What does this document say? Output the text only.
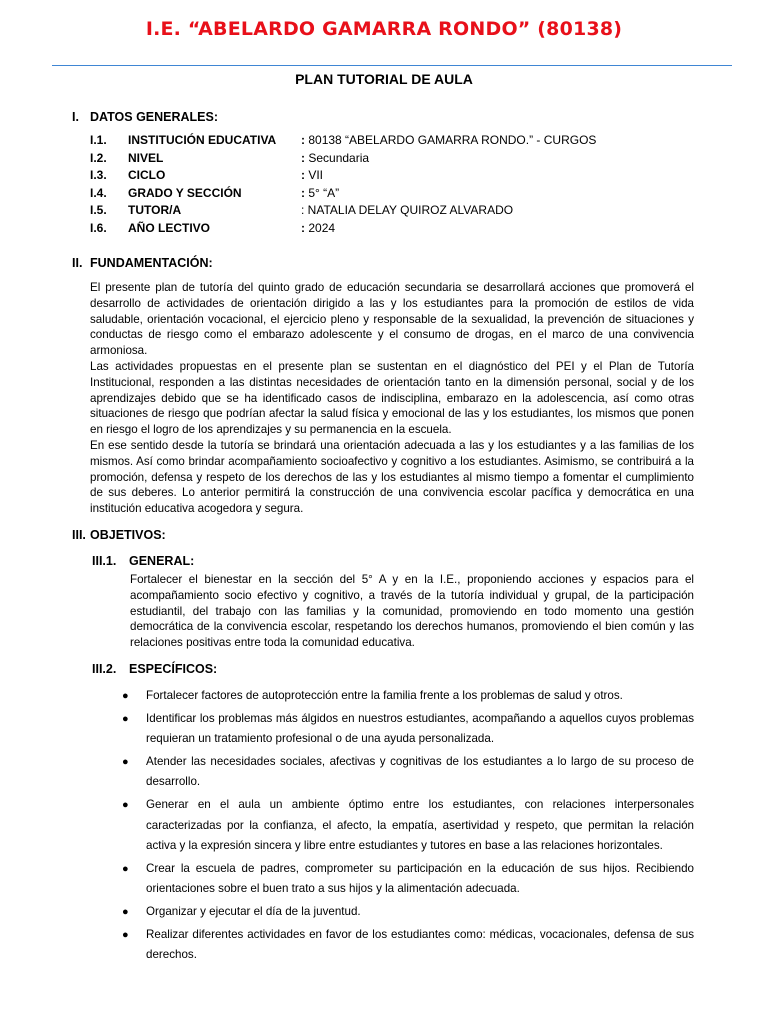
I.E. “ABELARDO GAMARRA RONDO” (80138)
PLAN TUTORIAL DE AULA
I. DATOS GENERALES:
I.1. INSTITUCIÓN EDUCATIVA : 80138 “ABELARDO GAMARRA RONDO.” - CURGOS
I.2. NIVEL	: Secundaria
I.3. CICLO	: VII
I.4. GRADO Y SECCIÓN	: 5° “A”
I.5. TUTOR/A	: NATALIA DELAY QUIROZ ALVARADO
I.6. AÑO LECTIVO	: 2024
II. FUNDAMENTACIÓN:

El presente plan de tutoría del quinto grado de educación secundaria se desarrollará acciones que promoverá el desarrollo de actividades de orientación dirigido a las y los estudiantes para la promoción de estilos de vida saludable, orientación vocacional, el ejercicio pleno y responsable de la sexualidad, la prevención de situaciones y conductas de riesgo como el embarazo adolescente y el consumo de drogas, en el marco de una convivencia armoniosa.

Las actividades propuestas en el presente plan se sustentan en el diagnóstico del PEI y el Plan de Tutoría Institucional, responden a las distintas necesidades de orientación tanto en la dimensión personal, social y de los aprendizajes debido que se ha identificado casos de indisciplina, embarazo en la adolescencia, así como otras situaciones de riesgo que podrían afectar la salud física y emocional de las y los estudiantes, los mismos que ponen en riesgo el logro de los aprendizajes y su permanencia en la escuela.

En ese sentido desde la tutoría se brindará una orientación adecuada a las y los estudiantes y a las familias de los mismos. Así como brindar acompañamiento socioafectivo y cognitivo a los estudiantes. Asimismo, se contribuirá a la promoción, defensa y respeto de los derechos de las y los estudiantes al mismo tiempo a fomentar el cumplimiento de sus deberes. Lo anterior permitirá la construcción de una convivencia escolar pacífica y democrática en una institución educativa acogedora y segura.

III. OBJETIVOS:
III.1. GENERAL:

Fortalecer el bienestar en la sección del 5° A y en la I.E., proponiendo acciones y espacios para el acompañamiento socio efectivo y cognitivo, a través de la tutoría individual y grupal, de la participación estudiantil, del trabajo con las familias y la comunidad, promoviendo en todo momento una gestión democrática de la convivencia escolar, respetando los derechos humanos, promoviendo el bien común y las relaciones positivas entre toda la comunidad educativa.

III.2. ESPECÍFICOS:
● Fortalecer factores de autoprotección entre la familia frente a los problemas de salud y otros.
● Identificar los problemas más álgidos en nuestros estudiantes, acompañando a aquellos cuyos problemas requieran un tratamiento profesional o de una ayuda personalizada.
● Atender las necesidades sociales, afectivas y cognitivas de los estudiantes a lo largo de su proceso de desarrollo.
● Generar en el aula un ambiente óptimo entre los estudiantes, con relaciones interpersonales caracterizadas por la confianza, el afecto, la empatía, asertividad y respeto, que permitan la relación activa y la expresión sincera y libre entre estudiantes y tutores en base a las relaciones horizontales.
● Crear la escuela de padres, comprometer su participación en la educación de sus hijos. Recibiendo orientaciones sobre el buen trato a sus hijos y la alimentación adecuada.
● Organizar y ejecutar el día de la juventud.
● Realizar diferentes actividades en favor de los estudiantes como: médicas, vocacionales, defensa de sus derechos.
